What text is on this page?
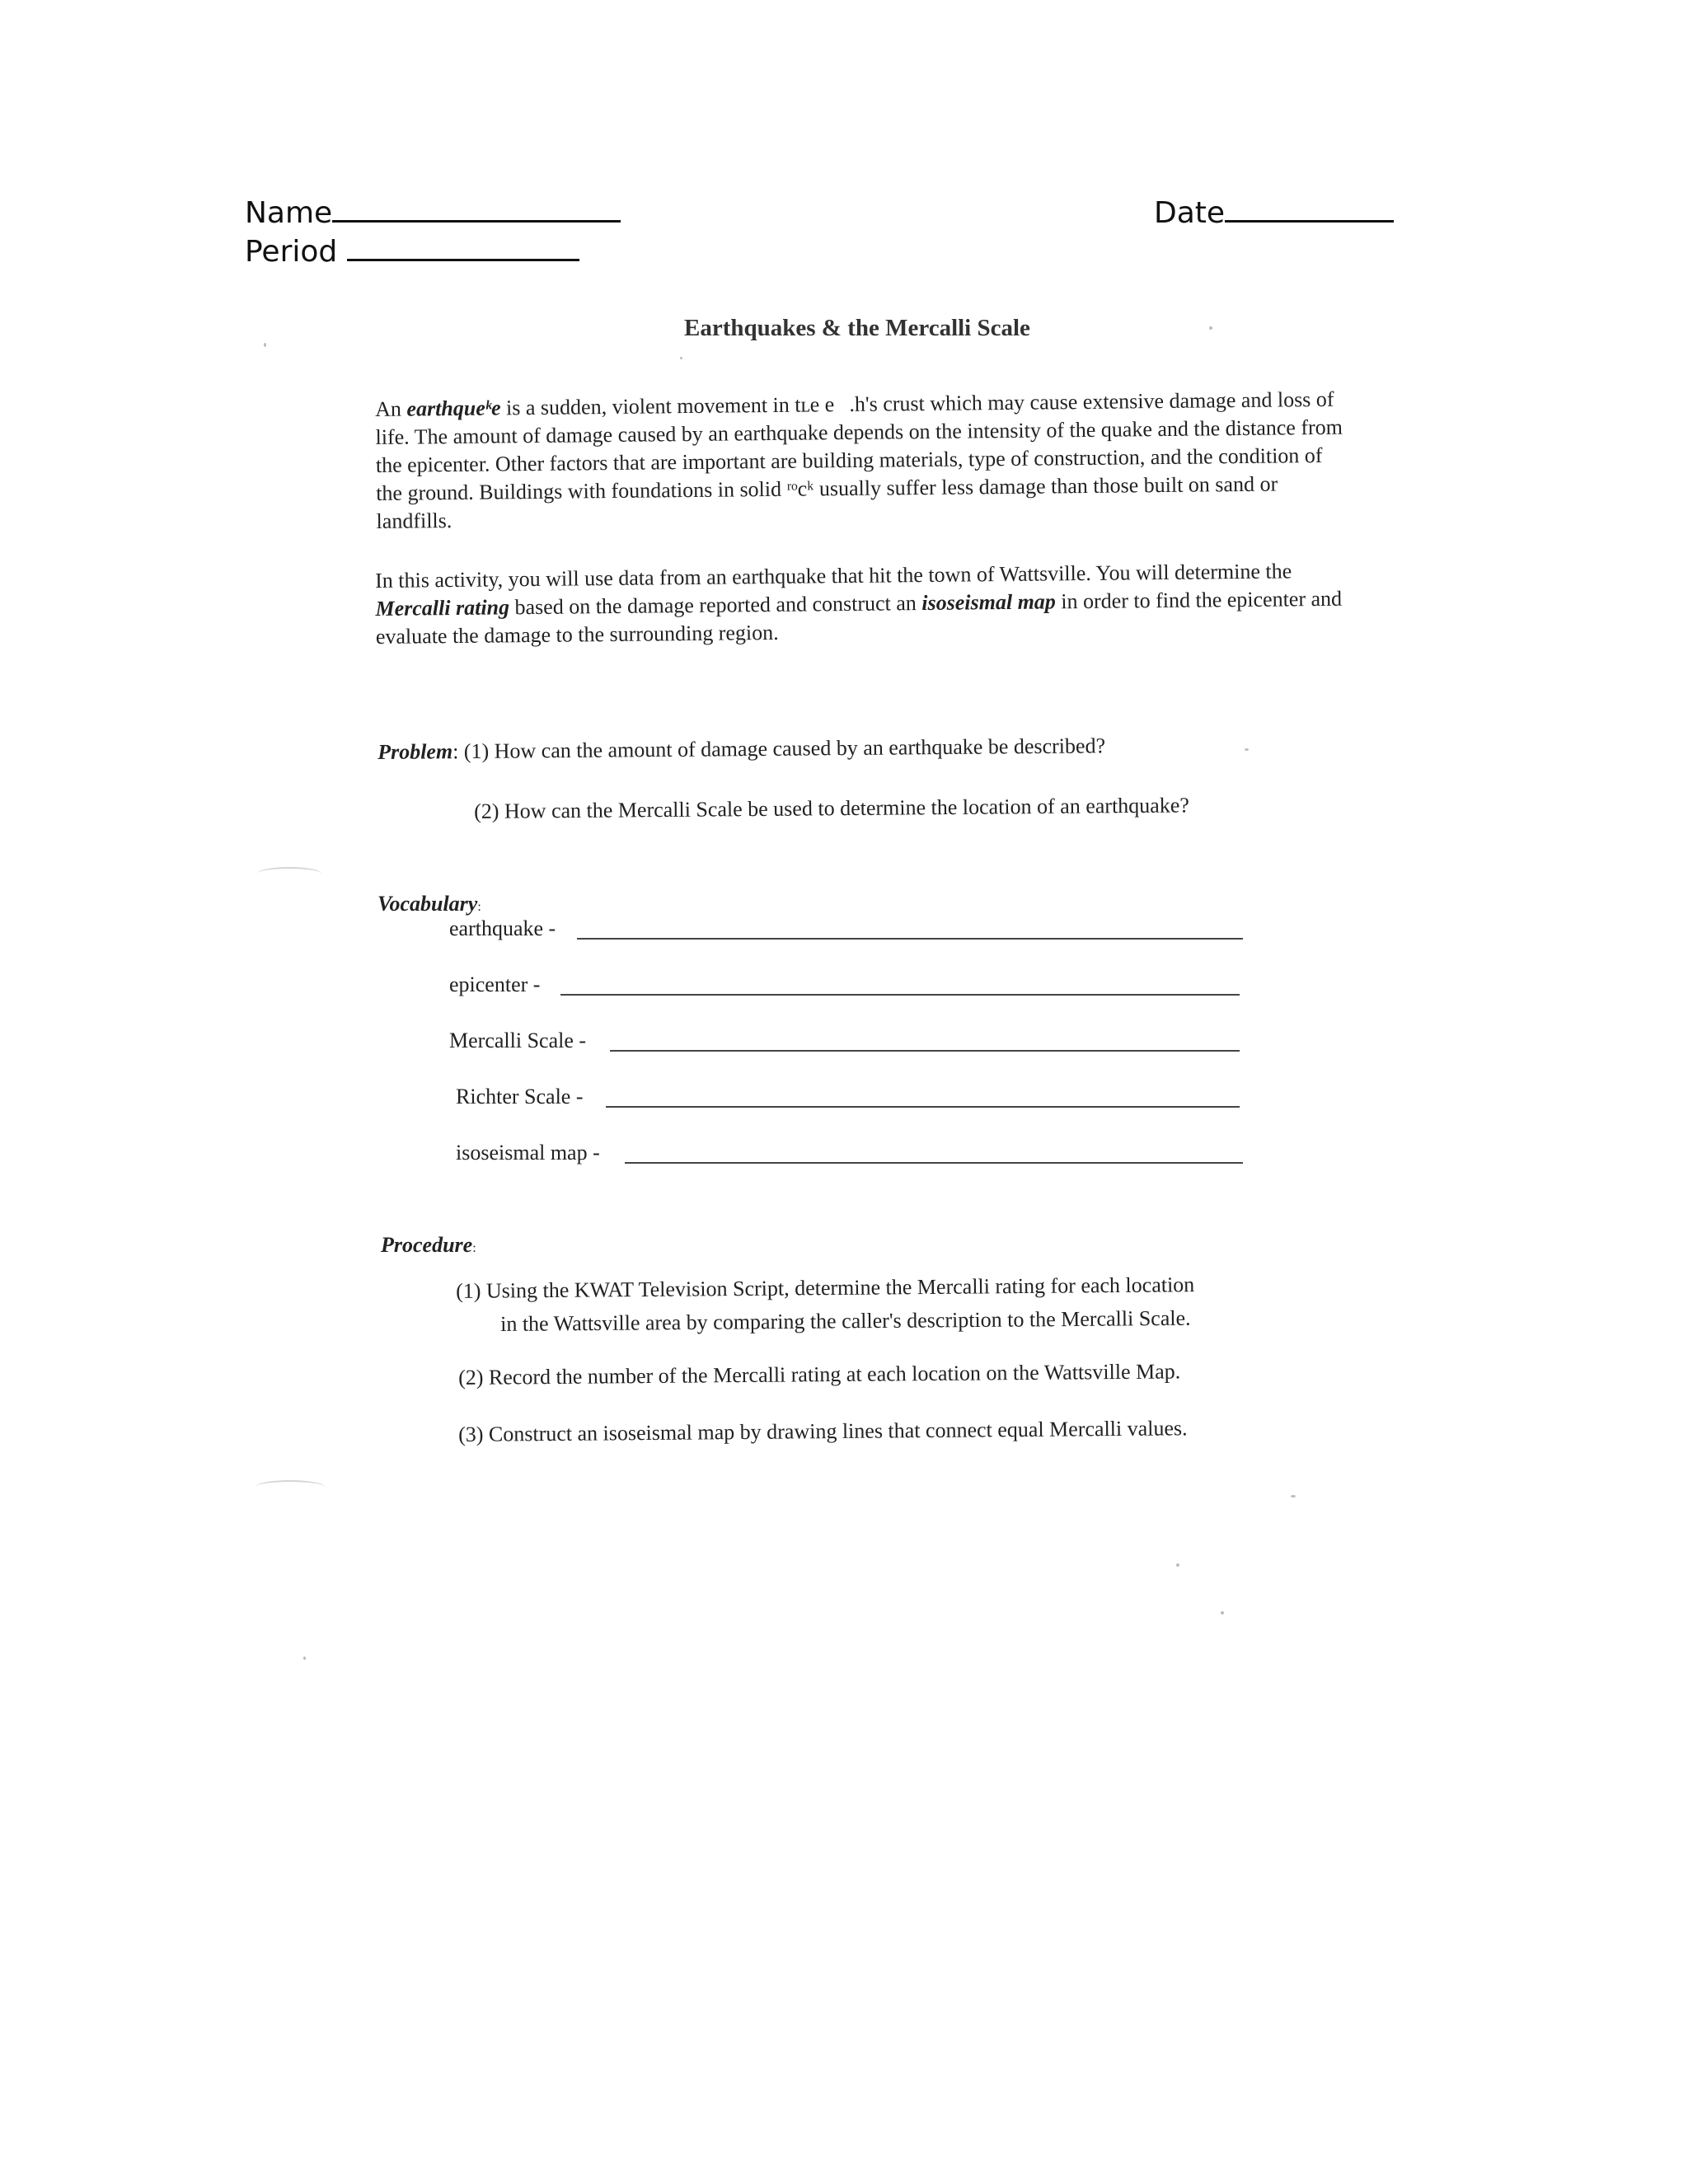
Name	Date
Period
Earthquakes & the Mercalli Scale

An earthqueᵏe is a sudden, violent movement in tʟe e  .h's crust which may cause extensive damage and loss of life. The amount of damage caused by an earthquake depends on the intensity of the quake and the distance from the epicenter. Other factors that are important are building materials, type of construction, and the condition of the ground. Buildings with foundations in solid ʳᵒcᵏ usually suffer less damage than those built on sand or landfills.

In this activity, you will use data from an earthquake that hit the town of Wattsville. You will determine the Mercalli rating based on the damage reported and construct an isoseismal map in order to find the epicenter and evaluate the damage to the surrounding region.

Problem: (1) How can the amount of damage caused by an earthquake be described?
(2) How can the Mercalli Scale be used to determine the location of an earthquake?
Vocabulary:
earthquake -
epicenter -
Mercalli Scale -
Richter Scale -
isoseismal map -
Procedure:
(1) Using the KWAT Television Script, determine the Mercalli rating for each location
in the Wattsville area by comparing the caller's description to the Mercalli Scale.
(2) Record the number of the Mercalli rating at each location on the Wattsville Map.
(3) Construct an isoseismal map by drawing lines that connect equal Mercalli values.
